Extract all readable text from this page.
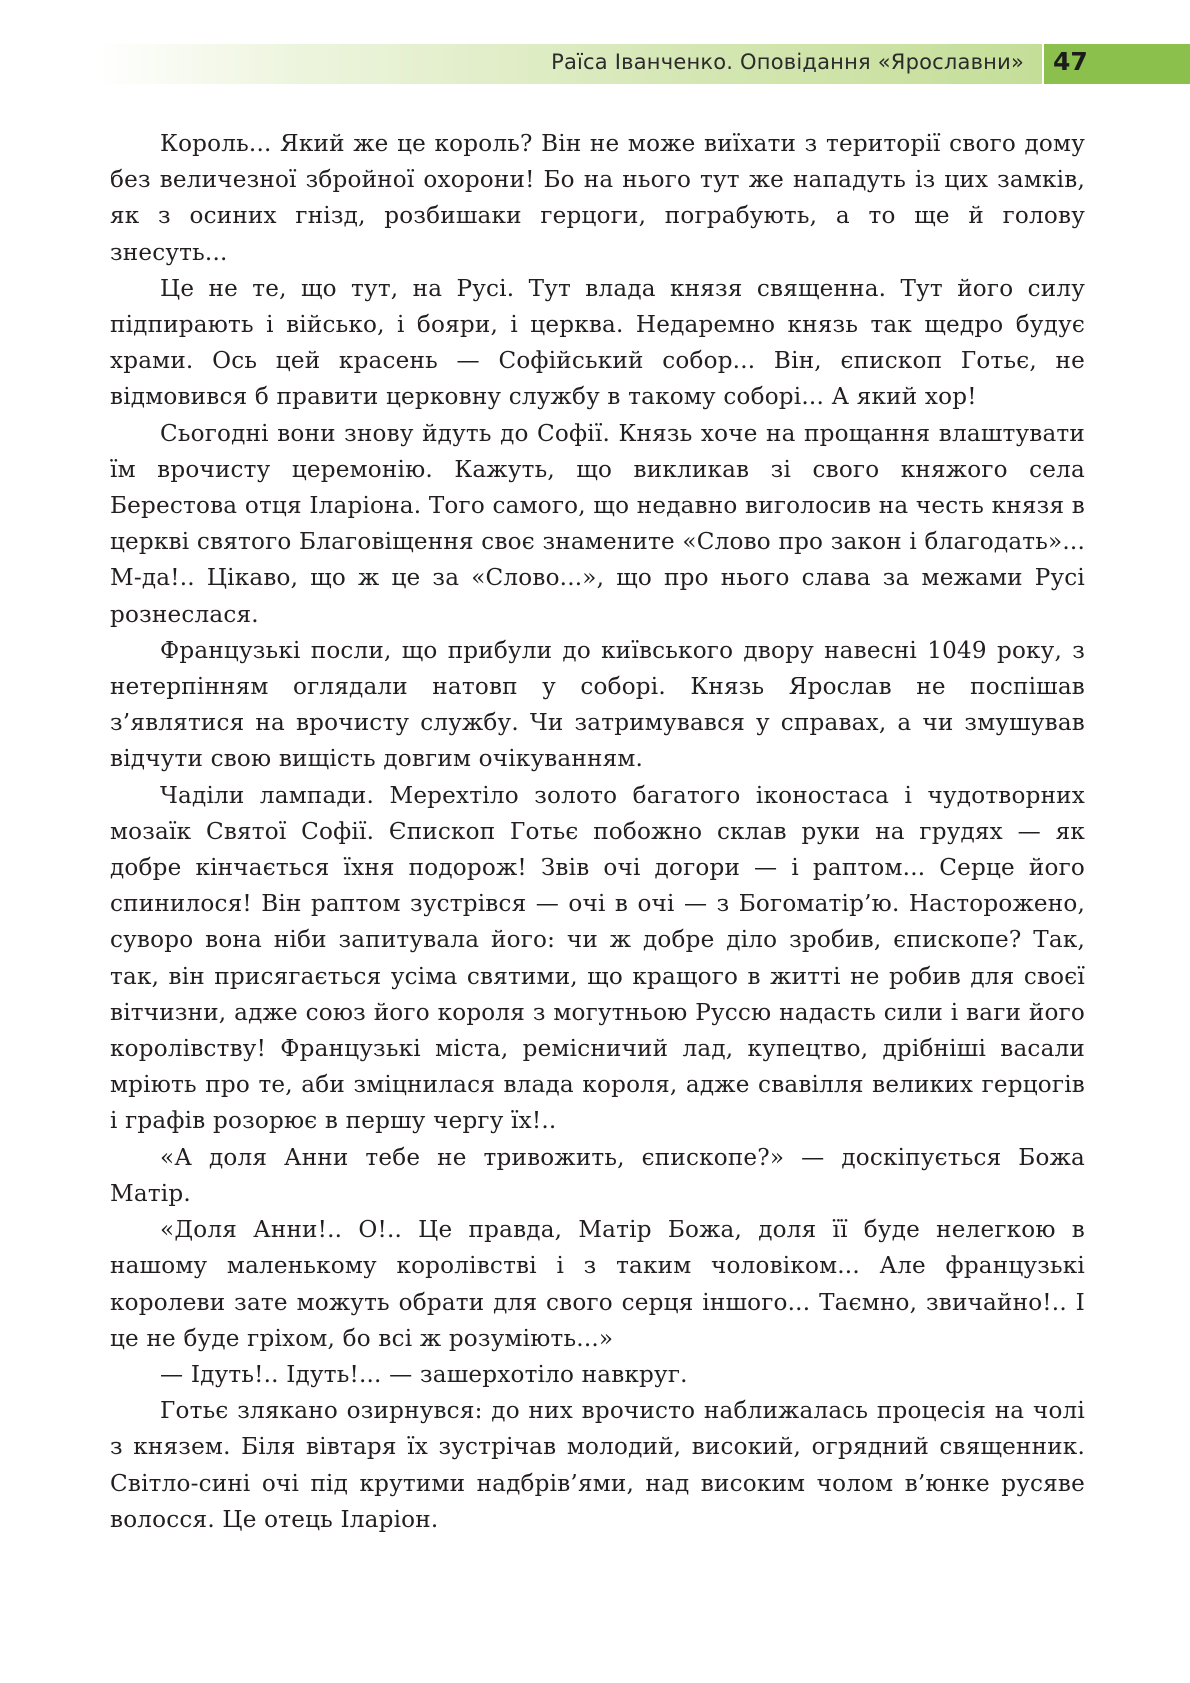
Раїса Іванченко. Оповідання «Ярославни» 47

Король... Який же це король? Він не може виїхати з території свого дому без величезної збройної охорони! Бо на нього тут же нападуть із цих замків, як з осиних гнізд, розбишаки герцоги, пограбують, а то ще й голову знесуть...

Це не те, що тут, на Русі. Тут влада князя священна. Тут його силу підпирають і військо, і бояри, і церква. Недаремно князь так щедро будує храми. Ось цей красень — Софійський собор... Він, єпископ Готьє, не відмовився б правити церковну службу в такому соборі... А який хор!

Сьогодні вони знову йдуть до Софії. Князь хоче на прощання влаштувати їм врочисту церемонію. Кажуть, що викликав зі свого княжого села Берестова отця Іларіона. Того самого, що недавно виголосив на честь князя в церкві святого Благовіщення своє знамените «Слово про закон і благодать»... М-да!.. Цікаво, що ж це за «Слово...», що про нього слава за межами Русі рознеслася.

Французькі посли, що прибули до київського двору навесні 1049 року, з нетерпінням оглядали натовп у соборі. Князь Ярослав не поспішав з’являтися на врочисту службу. Чи затримувався у справах, а чи змушував відчути свою вищість довгим очікуванням.

Чаділи лампади. Мерехтіло золото багатого іконостаса і чудотворних мозаїк Святої Софії. Єпископ Готьє побожно склав руки на грудях — як добре кінчається їхня подорож! Звів очі догори — і раптом... Серце його спинилося! Він раптом зустрівся — очі в очі — з Богоматір’ю. Насторожено, суворо вона ніби запитувала його: чи ж добре діло зробив, єпископе? Так, так, він присягається усіма святими, що кращого в житті не робив для своєї вітчизни, адже союз його короля з могутньою Руссю надасть сили і ваги його королівству! Французькі міста, ремісничий лад, купецтво, дрібніші васали мріють про те, аби зміцнилася влада короля, адже свавілля великих герцогів і графів розорює в першу чергу їх!..

«А доля Анни тебе не тривожить, єпископе?» — доскіпується Божа Матір.

«Доля Анни!.. О!.. Це правда, Матір Божа, доля її буде нелегкою в нашому маленькому королівстві і з таким чоловіком... Але французькі королеви зате можуть обрати для свого серця іншого... Таємно, звичайно!.. І це не буде гріхом, бо всі ж розуміють...»

— Ідуть!.. Ідуть!... — зашерхотіло навкруг.

Готьє злякано озирнувся: до них врочисто наближалась процесія на чолі з князем. Біля вівтаря їх зустрічав молодий, високий, огрядний священник. Світло-сині очі під крутими надбрів’ями, над високим чолом в’юнке русяве волосся. Це отець Іларіон.
